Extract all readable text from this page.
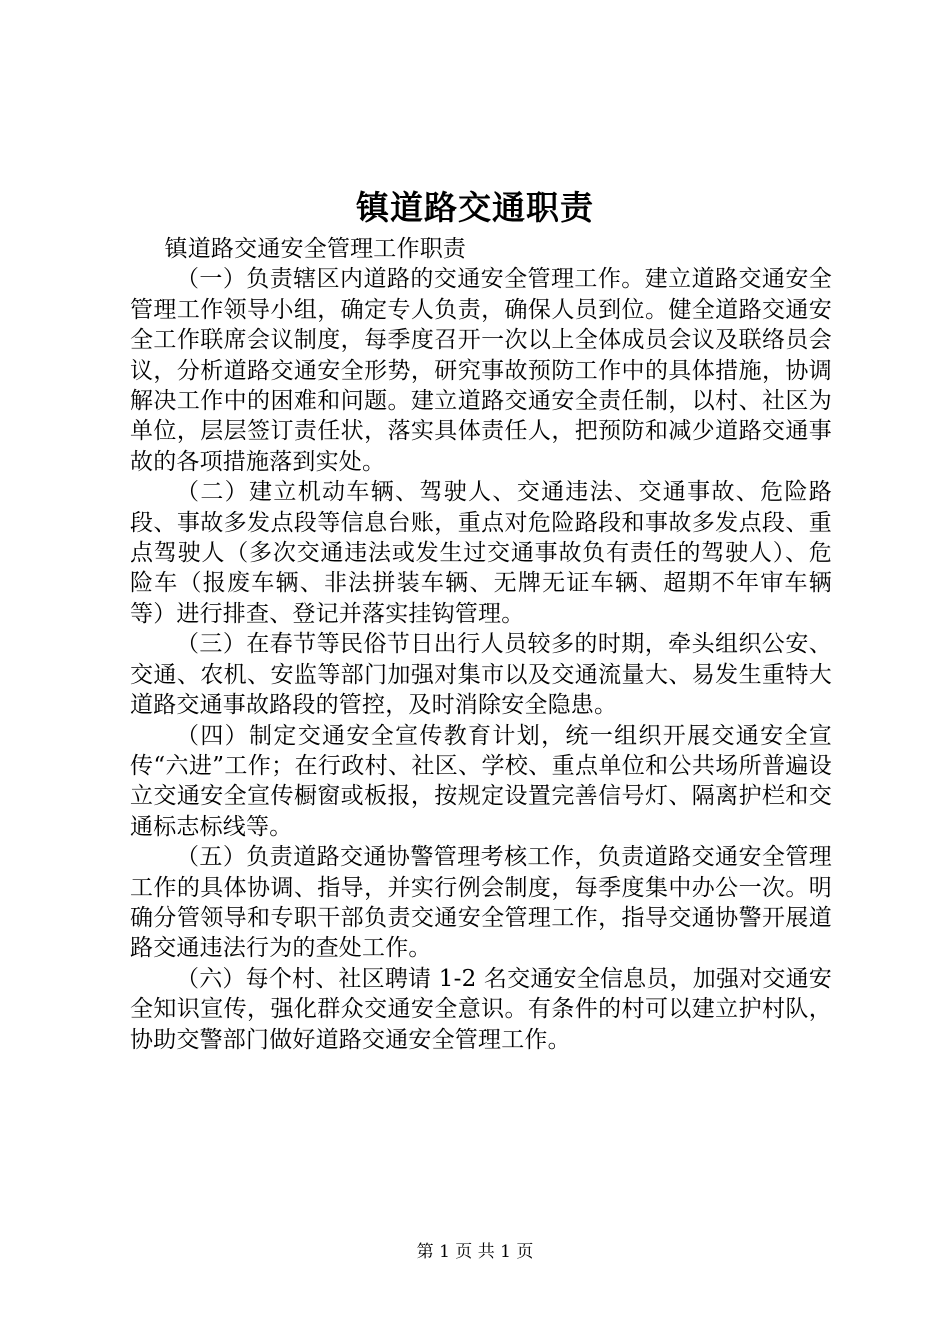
镇道路交通职责

镇道路交通安全管理工作职责

（一）负责辖区内道路的交通安全管理工作。建立道路交通安全管理工作领导小组，确定专人负责，确保人员到位。健全道路交通安全工作联席会议制度，每季度召开一次以上全体成员会议及联络员会议，分析道路交通安全形势，研究事故预防工作中的具体措施，协调解决工作中的困难和问题。建立道路交通安全责任制，以村、社区为单位，层层签订责任状，落实具体责任人，把预防和减少道路交通事故的各项措施落到实处。

（二）建立机动车辆、驾驶人、交通违法、交通事故、危险路段、事故多发点段等信息台账，重点对危险路段和事故多发点段、重点驾驶人（多次交通违法或发生过交通事故负有责任的驾驶人）、危险车（报废车辆、非法拼装车辆、无牌无证车辆、超期不年审车辆等）进行排查、登记并落实挂钩管理。

（三）在春节等民俗节日出行人员较多的时期，牵头组织公安、交通、农机、安监等部门加强对集市以及交通流量大、易发生重特大道路交通事故路段的管控，及时消除安全隐患。

（四）制定交通安全宣传教育计划，统一组织开展交通安全宣传“六进”工作；在行政村、社区、学校、重点单位和公共场所普遍设立交通安全宣传橱窗或板报，按规定设置完善信号灯、隔离护栏和交通标志标线等。

（五）负责道路交通协警管理考核工作，负责道路交通安全管理工作的具体协调、指导，并实行例会制度，每季度集中办公一次。明确分管领导和专职干部负责交通安全管理工作，指导交通协警开展道路交通违法行为的查处工作。

（六）每个村、社区聘请 1-2 名交通安全信息员，加强对交通安全知识宣传，强化群众交通安全意识。有条件的村可以建立护村队，协助交警部门做好道路交通安全管理工作。

第 1 页 共 1 页
